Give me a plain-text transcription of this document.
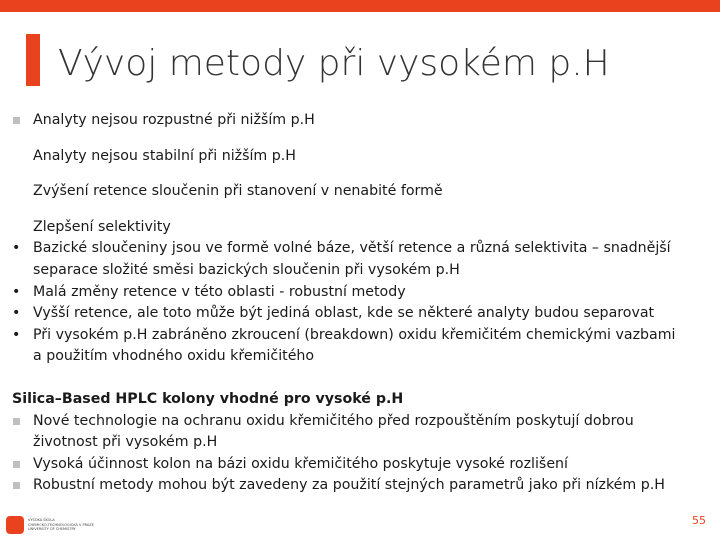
Vývoj metody při vysokém p.H
Analyty nejsou rozpustné při nižším p.H
Analyty nejsou stabilní při nižším p.H
Zvýšení retence sloučenin při stanovení v nenabité formě
Zlepšení selektivity
• Bazické sloučeniny jsou ve formě volné báze, větší retence a různá selektivita – snadnější
separace složité směsi bazických sloučenin při vysokém p.H
• Malá změny retence v této oblasti - robustní metody
• Vyšší retence, ale toto může být jediná oblast, kde se některé analyty budou separovat
• Při vysokém p.H zabráněno zkroucení (breakdown) oxidu křemičitém chemickými vazbami
a použitím vhodného oxidu křemičitého
Silica–Based HPLC kolony vhodné pro vysoké p.H
Nové technologie na ochranu oxidu křemičitého před rozpouštěním poskytují dobrou
životnost při vysokém p.H
Vysoká účinnost kolon na bázi oxidu křemičitého poskytuje vysoké rozlišení
Robustní metody mohou být zavedeny za použití stejných parametrů jako při nízkém p.H
VYSOKÁ ŠKOLA
CHEMICKO-TECHNOLOGICKÁ V PRAZE
UNIVERSITY OF CHEMISTRY
55
